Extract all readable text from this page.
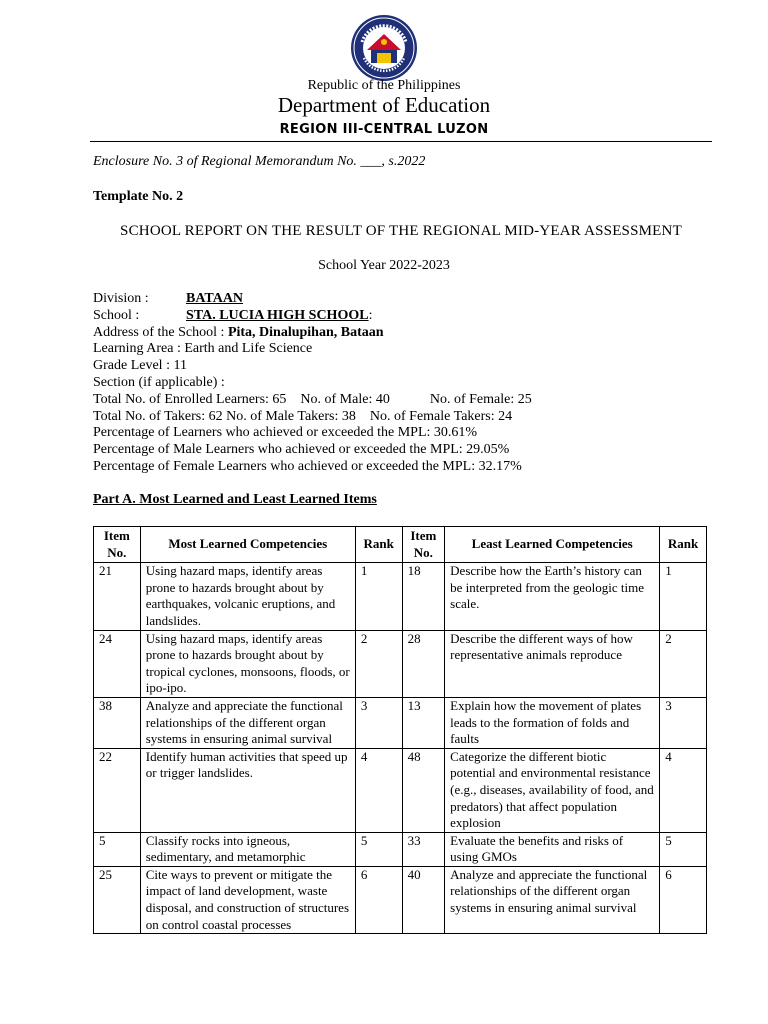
Republic of the Philippines
Department of Education
REGION III-CENTRAL LUZON
Enclosure No. 3 of Regional Memorandum No. ___, s.2022
Template No. 2
SCHOOL REPORT ON THE RESULT OF THE REGIONAL MID-YEAR ASSESSMENT
School Year 2022-2023
Division :	BATAAN
School :	STA. LUCIA HIGH SCHOOL:
Address of the School : Pita, Dinalupihan, Bataan
Learning Area : Earth and Life Science
Grade Level : 11
Section (if applicable) :
Total No. of Enrolled Learners: 65 No. of Male: 40	No. of Female: 25
Total No. of Takers: 62 No. of Male Takers: 38 No. of Female Takers: 24
Percentage of Learners who achieved or exceeded the MPL: 30.61%
Percentage of Male Learners who achieved or exceeded the MPL: 29.05%
Percentage of Female Learners who achieved or exceeded the MPL: 32.17%
Part A. Most Learned and Least Learned Items
Item No.	Most Learned Competencies	Rank	Item No.	Least Learned Competencies	Rank
21	Using hazard maps, identify areas prone to hazards brought about by earthquakes, volcanic eruptions, and landslides.	1	18	Describe how the Earth’s history can be interpreted from the geologic time scale.	1
24	Using hazard maps, identify areas prone to hazards brought about by tropical cyclones, monsoons, floods, or ipo-ipo.	2	28	Describe the different ways of how representative animals reproduce	2
38	Analyze and appreciate the functional relationships of the different organ systems in ensuring animal survival	3	13	Explain how the movement of plates leads to the formation of folds and faults	3
22	Identify human activities that speed up or trigger landslides.	4	48	Categorize the different biotic potential and environmental resistance (e.g., diseases, availability of food, and predators) that affect population explosion	4
5	Classify rocks into igneous, sedimentary, and metamorphic	5	33	Evaluate the benefits and risks of using GMOs	5
25	Cite ways to prevent or mitigate the impact of land development, waste disposal, and construction of structures on control coastal processes	6	40	Analyze and appreciate the functional relationships of the different organ systems in ensuring animal survival	6
